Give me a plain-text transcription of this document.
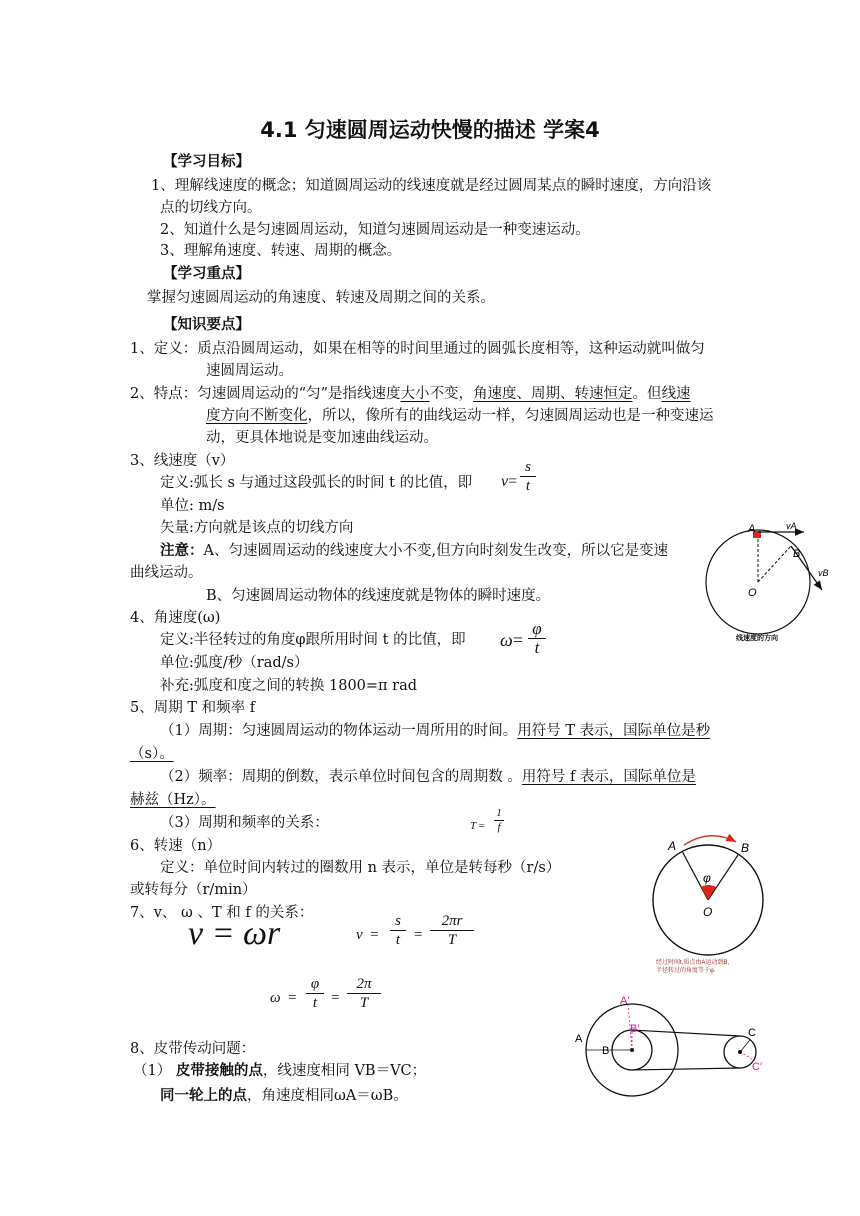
4.1 匀速圆周运动快慢的描述 学案4
【学习目标】
1、理解线速度的概念；知道圆周运动的线速度就是经过圆周某点的瞬时速度，方向沿该
点的切线方向。
2、知道什么是匀速圆周运动，知道匀速圆周运动是一种变速运动。
3、理解角速度、转速、周期的概念。
【学习重点】
掌握匀速圆周运动的角速度、转速及周期之间的关系。
【知识要点】
1、定义：质点沿圆周运动，如果在相等的时间里通过的圆弧长度相等，这种运动就叫做匀
速圆周运动。
2、特点：匀速圆周运动的“匀”是指线速度大小不变，角速度、周期、转速恒定。但线速
度方向不断变化，所以，像所有的曲线运动一样，匀速圆周运动也是一种变速运
动，更具体地说是变加速曲线运动。
3、线速度（v）
定义:弧长 s 与通过这段弧长的时间 t 的比值，即 $v= \frac{s}{t}$
单位: m/s
矢量:方向就是该点的切线方向
注意：A、匀速圆周运动的线速度大小不变,但方向时刻发生改变，所以它是变速
曲线运动。
B、匀速圆周运动物体的线速度就是物体的瞬时速度。
4、角速度(ω)
定义:半径转过的角度φ跟所用时间 t 的比值，即 $\omega= \frac{\varphi}{t}$
单位:弧度/秒（rad/s）
补充:弧度和度之间的转换 1800=π rad
5、周期 T 和频率 f
（1）周期：匀速圆周运动的物体运动一周所用的时间。用符号 T 表示，国际单位是秒
（s）。
（2）频率：周期的倒数，表示单位时间包含的周期数 。用符号 f 表示，国际单位是
赫兹（Hz）。
（3）周期和频率的关系：	$T = \frac{1}{f}$
6、转速（n）
定义：单位时间内转过的圈数用 n 表示，单位是转每秒（r/s）
或转每分（r/min）
7、v、 ω 、T 和 f 的关系：
v = ωr	$v = \frac{s}{t} = \frac{2\pi r}{T}$
$\omega = \frac{\varphi}{t} = \frac{2\pi}{T}$
8、皮带传动问题：
（1） 皮带接触的点，线速度相同 VB＝VC；
同一轮上的点，角速度相同ωA＝ωB。
A
B
O
vA
vB
线速度的方向
A	B
φ
O
经过时间t,质点由A运动到B,
半径转过的角度等于φ.
A
A′
B
B′	C
C′
